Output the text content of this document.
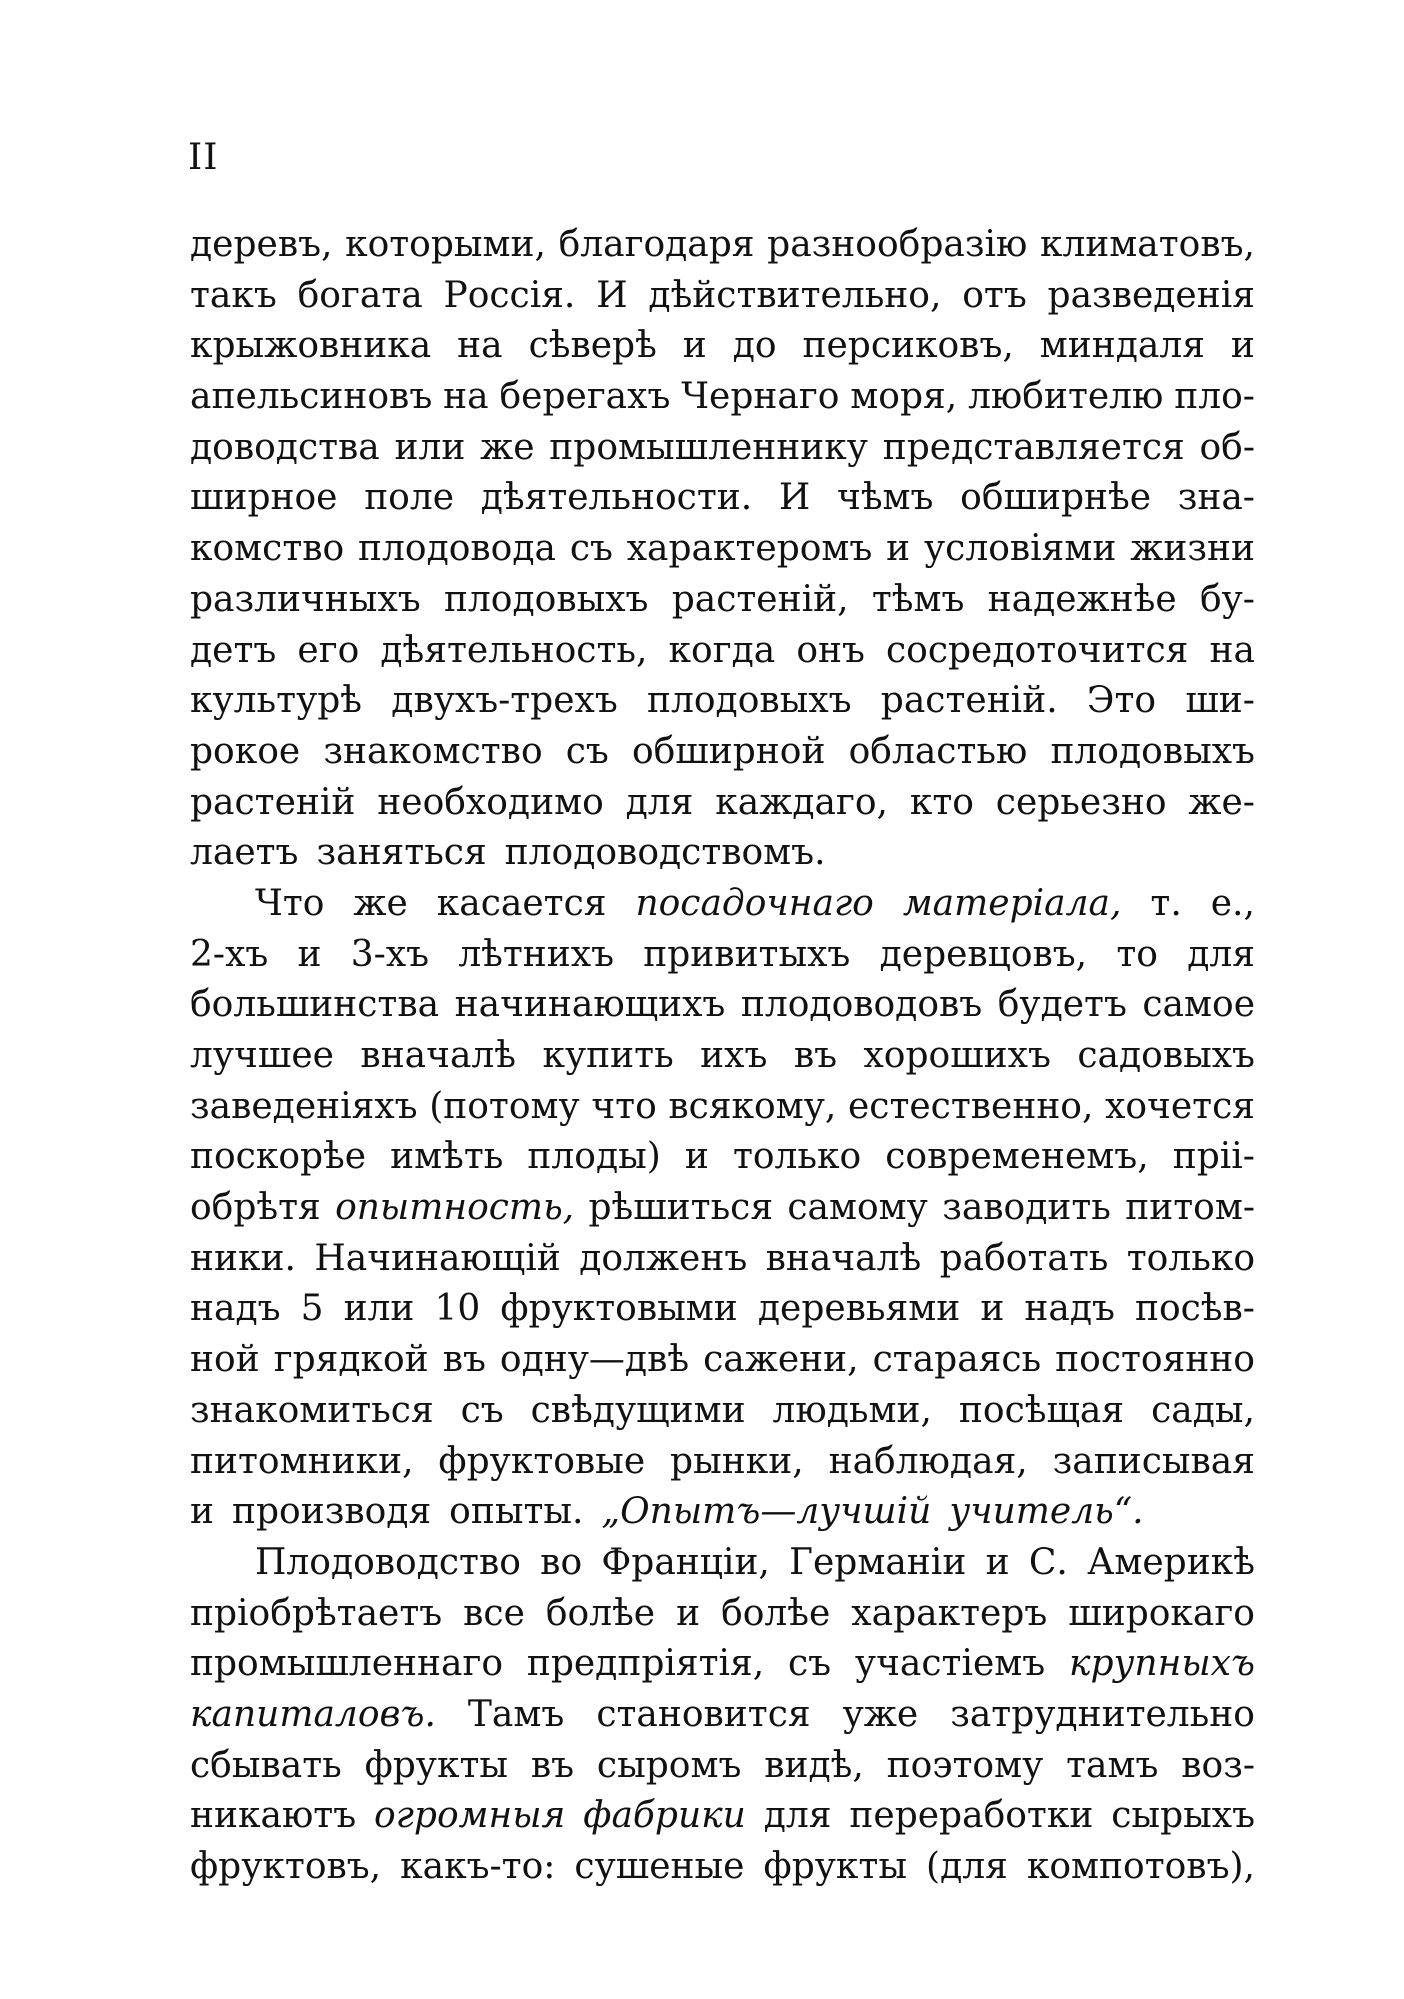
II
деревъ, которыми, благодаря разнообразію климатовъ,
такъ богата Россія. И дѣйствительно, отъ разведенія
крыжовника на сѣверѣ и до персиковъ, миндаля и
апельсиновъ на берегахъ Чернаго моря, любителю пло-
доводства или же промышленнику представляется об-
ширное поле дѣятельности. И чѣмъ обширнѣе зна-
комство плодовода съ характеромъ и условіями жизни
различныхъ плодовыхъ растеній, тѣмъ надежнѣе бу-
детъ его дѣятельность, когда онъ сосредоточится на
культурѣ двухъ-трехъ плодовыхъ растеній. Это ши-
рокое знакомство съ обширной областью плодовыхъ
растеній необходимо для каждаго, кто серьезно же-
лаетъ заняться плодоводствомъ.
Что же касается посадочнаго матеріала, т. е.,
2-хъ и 3-хъ лѣтнихъ привитыхъ деревцовъ, то для
большинства начинающихъ плодоводовъ будетъ самое
лучшее вначалѣ купить ихъ въ хорошихъ садовыхъ
заведеніяхъ (потому что всякому, естественно, хочется
поскорѣе имѣть плоды) и только современемъ, пріі-
обрѣтя опытность, рѣшиться самому заводить питом-
ники. Начинающій долженъ вначалѣ работать только
надъ 5 или 10 фруктовыми деревьями и надъ посѣв-
ной грядкой въ одну—двѣ сажени, стараясь постоянно
знакомиться съ свѣдущими людьми, посѣщая сады,
питомники, фруктовые рынки, наблюдая, записывая
и производя опыты. „Опытъ—лучшій учитель“.
Плодоводство во Франціи, Германіи и С. Америкѣ
пріобрѣтаетъ все болѣе и болѣе характеръ широкаго
промышленнаго предпріятія, съ участіемъ крупныхъ
капиталовъ. Тамъ становится уже затруднительно
сбывать фрукты въ сыромъ видѣ, поэтому тамъ воз-
никаютъ огромныя фабрики для переработки сырыхъ
фруктовъ, какъ-то: сушеные фрукты (для компотовъ),
